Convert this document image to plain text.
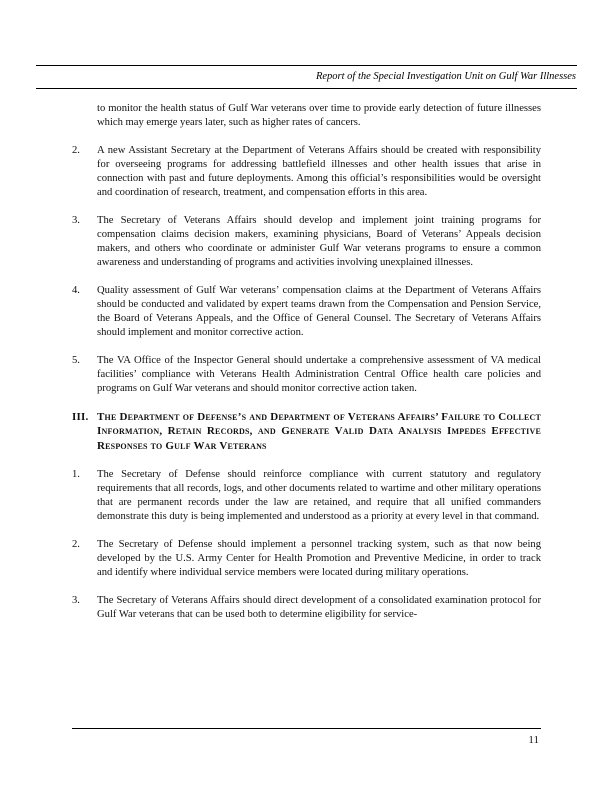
Report of the Special Investigation Unit on Gulf War Illnesses

to monitor the health status of Gulf War veterans over time to provide early detection of future illnesses which may emerge years later, such as higher rates of cancers.

2. A new Assistant Secretary at the Department of Veterans Affairs should be created with responsibility for overseeing programs for addressing battlefield illnesses and other health issues that arise in connection with past and future deployments. Among this official’s responsibilities would be oversight and coordination of research, treatment, and compensation efforts in this area.
3. The Secretary of Veterans Affairs should develop and implement joint training programs for compensation claims decision makers, examining physicians, Board of Veterans’ Appeals decision makers, and others who coordinate or administer Gulf War veterans programs to ensure a common awareness and understanding of programs and activities involving unexplained illnesses.
4. Quality assessment of Gulf War veterans’ compensation claims at the Department of Veterans Affairs should be conducted and validated by expert teams drawn from the Compensation and Pension Service, the Board of Veterans Appeals, and the Office of General Counsel. The Secretary of Veterans Affairs should implement and monitor corrective action.
5. The VA Office of the Inspector General should undertake a comprehensive assessment of VA medical facilities’ compliance with Veterans Health Administration Central Office health care policies and programs on Gulf War veterans and should monitor corrective action taken.
III. The Department of Defense’s and Department of Veterans Affairs’ Failure to Collect Information, Retain Records, and Generate Valid Data Analysis Impedes Effective Responses to Gulf War Veterans
1. The Secretary of Defense should reinforce compliance with current statutory and regulatory requirements that all records, logs, and other documents related to wartime and other military operations that are permanent records under the law are retained, and require that all unified commanders demonstrate this duty is being implemented and understood as a priority at every level in that command.
2. The Secretary of Defense should implement a personnel tracking system, such as that now being developed by the U.S. Army Center for Health Promotion and Preventive Medicine, in order to track and identify where individual service members were located during military operations.
3. The Secretary of Veterans Affairs should direct development of a consolidated examination protocol for Gulf War veterans that can be used both to determine eligibility for service-
11
